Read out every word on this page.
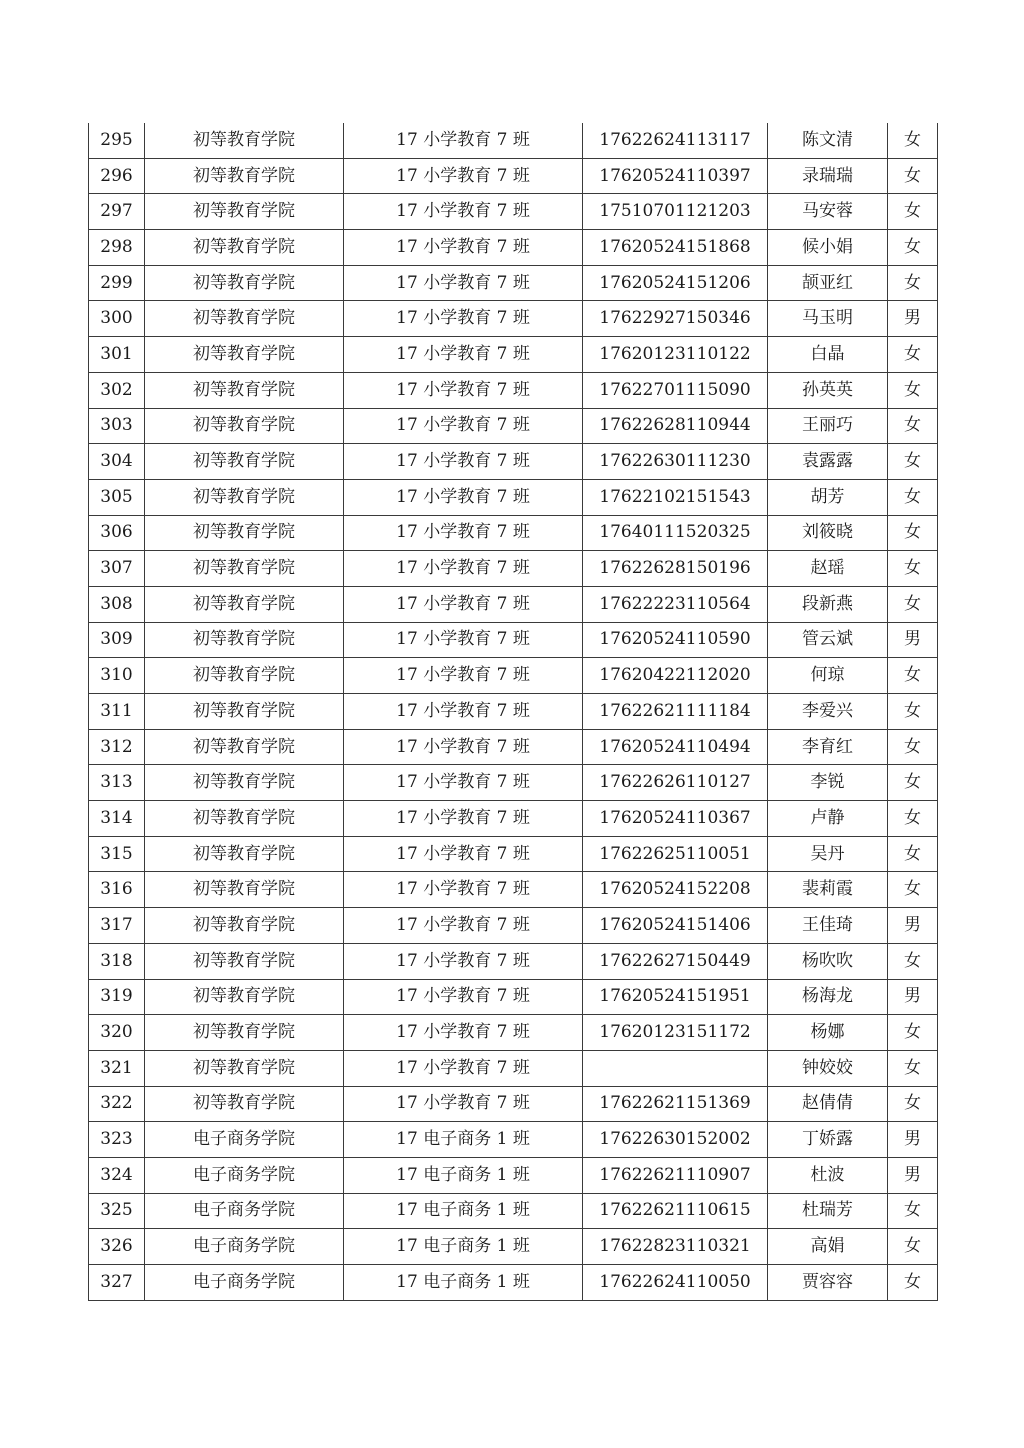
295	初等教育学院	17 小学教育 7 班	17622624113117	陈文清	女
296	初等教育学院	17 小学教育 7 班	17620524110397	录瑞瑞	女
297	初等教育学院	17 小学教育 7 班	17510701121203	马安蓉	女
298	初等教育学院	17 小学教育 7 班	17620524151868	候小娟	女
299	初等教育学院	17 小学教育 7 班	17620524151206	颉亚红	女
300	初等教育学院	17 小学教育 7 班	17622927150346	马玉明	男
301	初等教育学院	17 小学教育 7 班	17620123110122	白晶	女
302	初等教育学院	17 小学教育 7 班	17622701115090	孙英英	女
303	初等教育学院	17 小学教育 7 班	17622628110944	王丽巧	女
304	初等教育学院	17 小学教育 7 班	17622630111230	袁露露	女
305	初等教育学院	17 小学教育 7 班	17622102151543	胡芳	女
306	初等教育学院	17 小学教育 7 班	17640111520325	刘筱晓	女
307	初等教育学院	17 小学教育 7 班	17622628150196	赵瑶	女
308	初等教育学院	17 小学教育 7 班	17622223110564	段新燕	女
309	初等教育学院	17 小学教育 7 班	17620524110590	管云斌	男
310	初等教育学院	17 小学教育 7 班	17620422112020	何琼	女
311	初等教育学院	17 小学教育 7 班	17622621111184	李爱兴	女
312	初等教育学院	17 小学教育 7 班	17620524110494	李育红	女
313	初等教育学院	17 小学教育 7 班	17622626110127	李锐	女
314	初等教育学院	17 小学教育 7 班	17620524110367	卢静	女
315	初等教育学院	17 小学教育 7 班	17622625110051	吴丹	女
316	初等教育学院	17 小学教育 7 班	17620524152208	裴莉霞	女
317	初等教育学院	17 小学教育 7 班	17620524151406	王佳琦	男
318	初等教育学院	17 小学教育 7 班	17622627150449	杨吹吹	女
319	初等教育学院	17 小学教育 7 班	17620524151951	杨海龙	男
320	初等教育学院	17 小学教育 7 班	17620123151172	杨娜	女
321	初等教育学院	17 小学教育 7 班		钟姣姣	女
322	初等教育学院	17 小学教育 7 班	17622621151369	赵倩倩	女
323	电子商务学院	17 电子商务 1 班	17622630152002	丁娇露	男
324	电子商务学院	17 电子商务 1 班	17622621110907	杜波	男
325	电子商务学院	17 电子商务 1 班	17622621110615	杜瑞芳	女
326	电子商务学院	17 电子商务 1 班	17622823110321	高娟	女
327	电子商务学院	17 电子商务 1 班	17622624110050	贾容容	女
